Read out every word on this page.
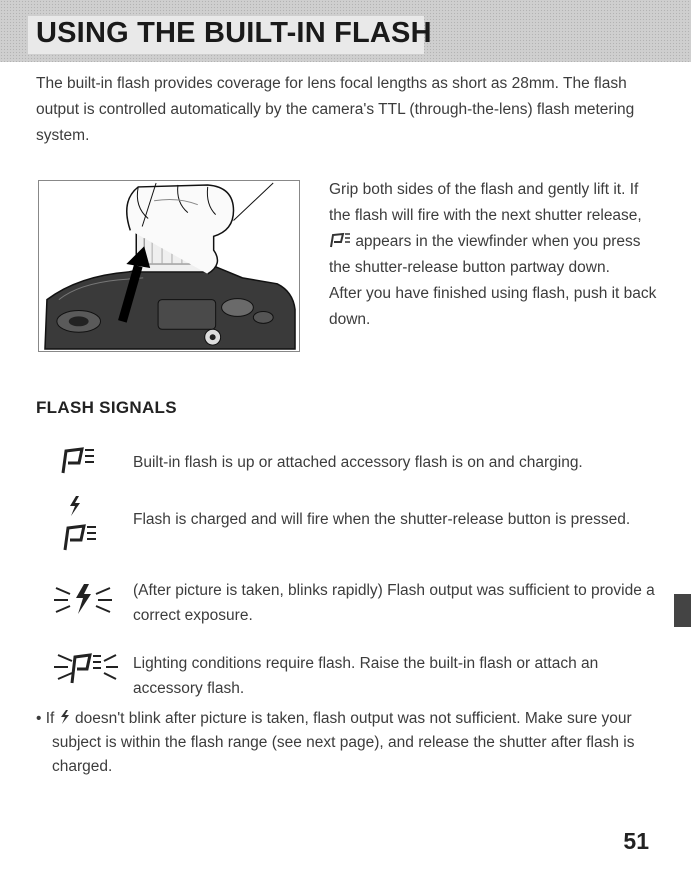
USING THE BUILT-IN FLASH

The built-in flash provides coverage for lens focal lengths as short as 28mm. The flash output is controlled automatically by the camera's TTL (through-the-lens) flash metering system.

Grip both sides of the flash and gently lift it. If the flash will fire with the next shutter release,  appears in the viewfinder when you press the shutter-release button partway down.

After you have finished using flash, push it back down.

FLASH SIGNALS

Built-in flash is up or attached accessory flash is on and charging.

Flash is charged and will fire when the shutter-release button is pressed.

(After picture is taken, blinks rapidly) Flash output was sufficient to provide a correct exposure.

Lighting conditions require flash. Raise the built-in flash or attach an accessory flash.

• If doesn't blink after picture is taken, flash output was not sufficient. Make sure your subject is within the flash range (see next page), and release the shutter after flash is charged.

51
